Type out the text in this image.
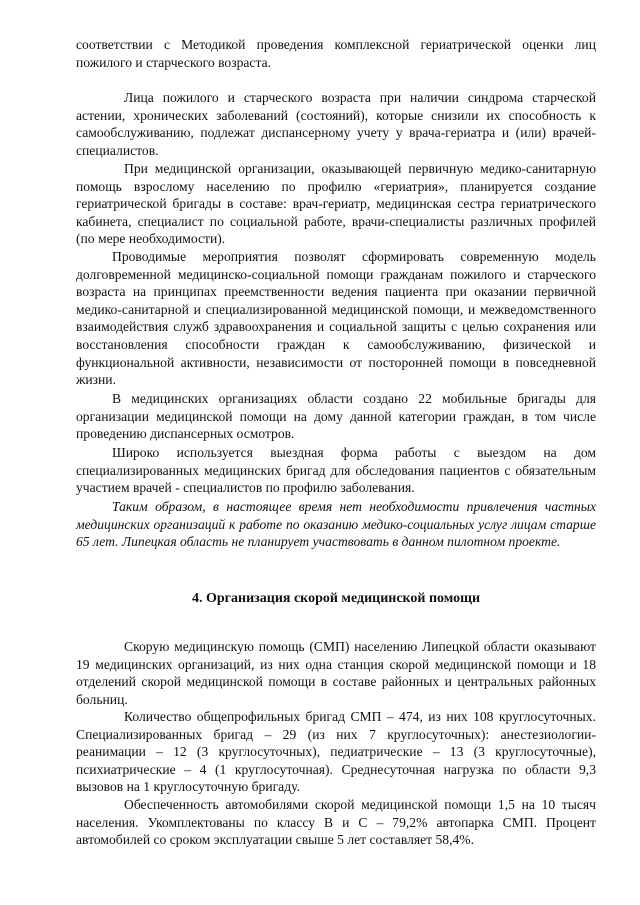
соответствии с Методикой проведения комплексной гериатрической оценки лиц пожилого и старческого возраста.

Лица пожилого и старческого возраста при наличии синдрома старческой астении, хронических заболеваний (состояний), которые снизили их способность к самообслуживанию, подлежат диспансерному учету у врача-гериатра и (или) врачей-специалистов.

При медицинской организации, оказывающей первичную медико-санитарную помощь взрослому населению по профилю «гериатрия», планируется создание гериатрической бригады в составе: врач-гериатр, медицинская сестра гериатрического кабинета, специалист по социальной работе, врачи-специалисты различных профилей (по мере необходимости).

Проводимые мероприятия позволят сформировать современную модель долговременной медицинско-социальной помощи гражданам пожилого и старческого возраста на принципах преемственности ведения пациента при оказании первичной медико-санитарной и специализированной медицинской помощи, и межведомственного взаимодействия служб здравоохранения и социальной защиты с целью сохранения или восстановления способности граждан к самообслуживанию, физической и функциональной активности, независимости от посторонней помощи в повседневной жизни.

В медицинских организациях области создано 22 мобильные бригады для организации медицинской помощи на дому данной категории граждан, в том числе проведению диспансерных осмотров.

Широко используется выездная форма работы с выездом на дом специализированных медицинских бригад для обследования пациентов с обязательным участием врачей - специалистов по профилю заболевания.

Таким образом, в настоящее время нет необходимости привлечения частных медицинских организаций к работе по оказанию медико-социальных услуг лицам старше 65 лет. Липецкая область не планирует участвовать в данном пилотном проекте.

4. Организация скорой медицинской помощи

Скорую медицинскую помощь (СМП) населению Липецкой области оказывают 19 медицинских организаций, из них одна станция скорой медицинской помощи и 18 отделений скорой медицинской помощи в составе районных и центральных районных больниц.

Количество общепрофильных бригад СМП – 474, из них 108 круглосуточных. Специализированных бригад – 29 (из них 7 круглосуточных): анестезиологии-реанимации – 12 (3 круглосуточных), педиатрические – 13 (3 круглосуточные), психиатрические – 4 (1 круглосуточная). Среднесуточная нагрузка по области 9,3 вызовов на 1 круглосуточную бригаду.

Обеспеченность автомобилями скорой медицинской помощи 1,5 на 10 тысяч населения. Укомплектованы по классу B и C – 79,2% автопарка СМП. Процент автомобилей со сроком эксплуатации свыше 5 лет составляет 58,4%.
